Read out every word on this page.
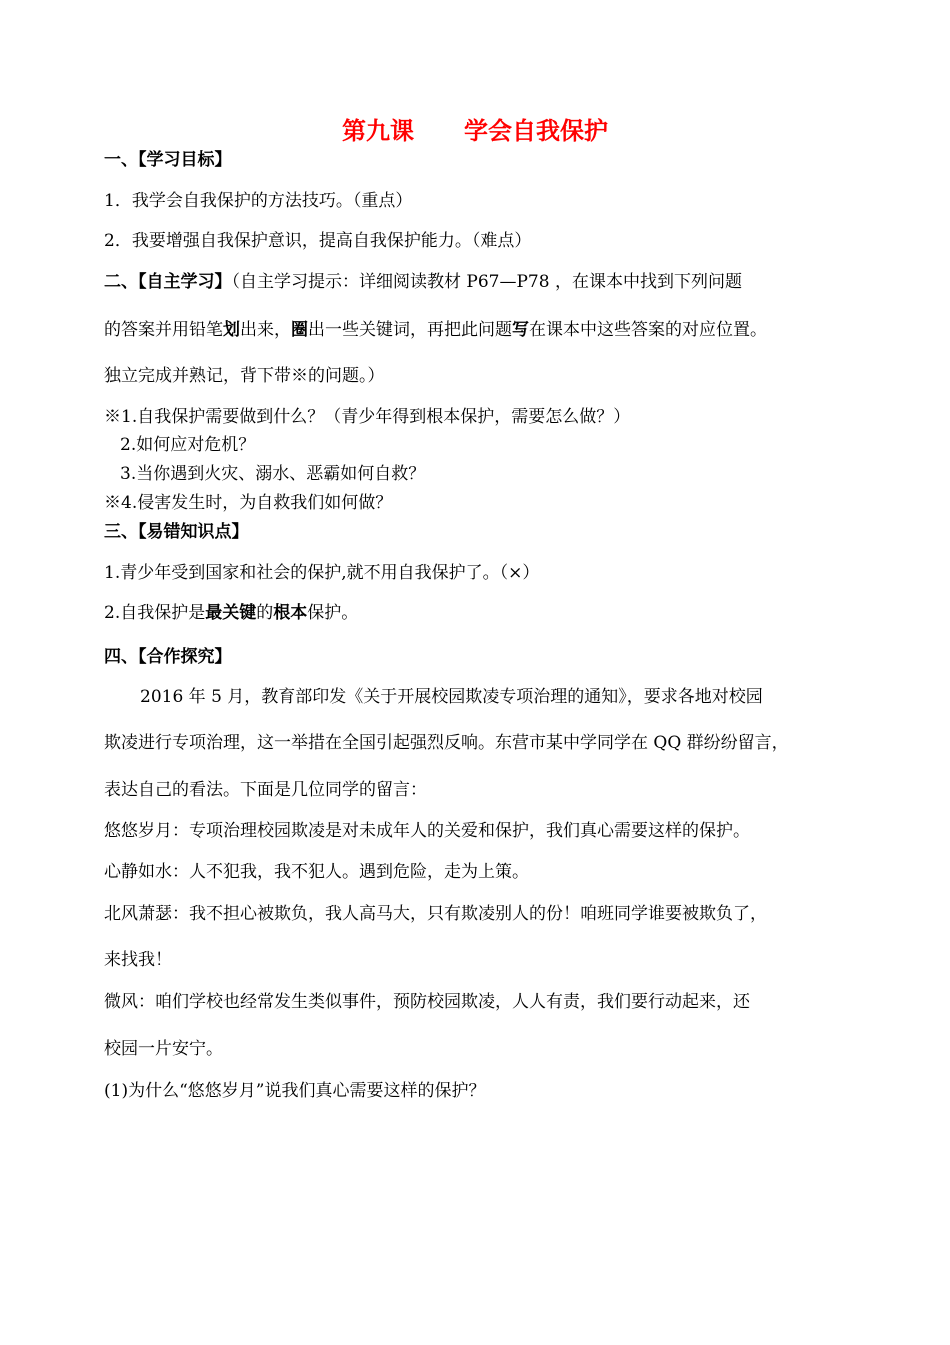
第九课 学会自我保护
一、【学习目标】
1．我学会自我保护的方法技巧。（重点）
2．我要增强自我保护意识，提高自我保护能力。（难点）
二、【自主学习】（自主学习提示：详细阅读教材 P67—P78 ，在课本中找到下列问题
的答案并用铅笔划出来，圈出一些关键词，再把此问题写在课本中这些答案的对应位置。
独立完成并熟记，背下带※的问题。）
※1.自我保护需要做到什么？（青少年得到根本保护，需要怎么做？）
2.如何应对危机？
3.当你遇到火灾、溺水、恶霸如何自救？
※4.侵害发生时，为自救我们如何做？
三、【易错知识点】
1.青少年受到国家和社会的保护,就不用自我保护了。（×）
2.自我保护是最关键的根本保护。
四、【合作探究】
2016 年 5 月，教育部印发《关于开展校园欺凌专项治理的通知》，要求各地对校园
欺凌进行专项治理，这一举措在全国引起强烈反响。东营市某中学同学在 QQ 群纷纷留言，
表达自己的看法。下面是几位同学的留言：
悠悠岁月：专项治理校园欺凌是对未成年人的关爱和保护，我们真心需要这样的保护。
心静如水：人不犯我，我不犯人。遇到危险，走为上策。
北风萧瑟：我不担心被欺负，我人高马大，只有欺凌别人的份！咱班同学谁要被欺负了，
来找我！
微风：咱们学校也经常发生类似事件，预防校园欺凌，人人有责，我们要行动起来，还
校园一片安宁。
(1)为什么“悠悠岁月”说我们真心需要这样的保护？
